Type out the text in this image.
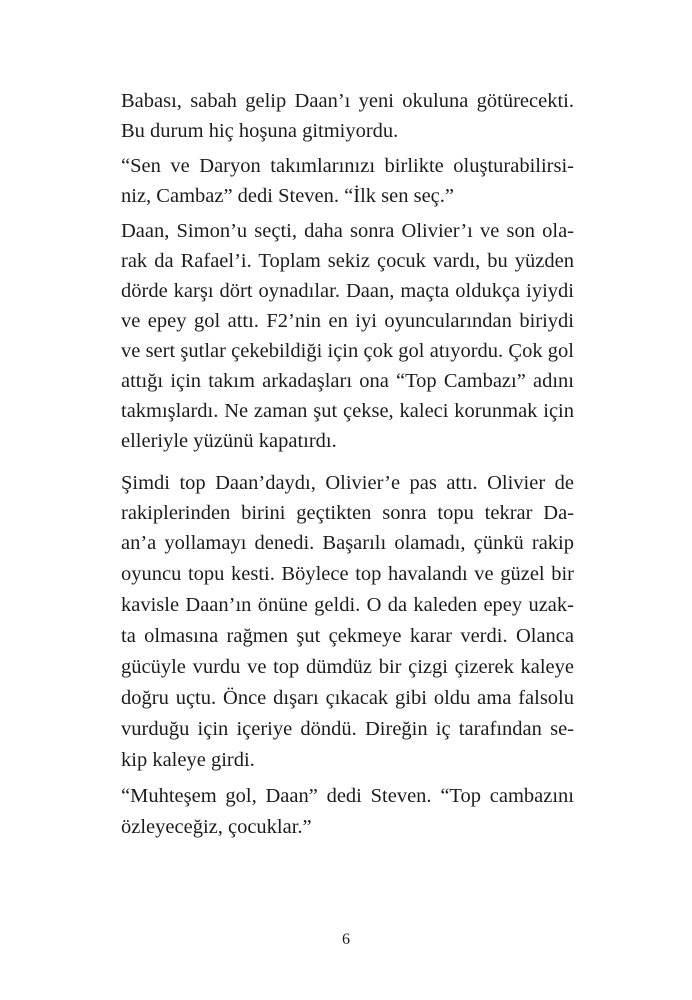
Babası, sabah gelip Daan’ı yeni okuluna götürecekti.
Bu durum hiç hoşuna gitmiyordu.
“Sen ve Daryon takımlarınızı birlikte oluşturabilirsi-
niz, Cambaz” dedi Steven. “İlk sen seç.”
Daan, Simon’u seçti, daha sonra Olivier’ı ve son ola-
rak da Rafael’i. Toplam sekiz çocuk vardı, bu yüzden
dörde karşı dört oynadılar. Daan, maçta oldukça iyiydi
ve epey gol attı. F2’nin en iyi oyuncularından biriydi
ve sert şutlar çekebildiği için çok gol atıyordu. Çok gol
attığı için takım arkadaşları ona “Top Cambazı” adını
takmışlardı. Ne zaman şut çekse, kaleci korunmak için
elleriyle yüzünü kapatırdı.
Şimdi top Daan’daydı, Olivier’e pas attı. Olivier de
rakiplerinden birini geçtikten sonra topu tekrar Da-
an’a yollamayı denedi. Başarılı olamadı, çünkü rakip
oyuncu topu kesti. Böylece top havalandı ve güzel bir
kavisle Daan’ın önüne geldi. O da kaleden epey uzak-
ta olmasına rağmen şut çekmeye karar verdi. Olanca
gücüyle vurdu ve top dümdüz bir çizgi çizerek kaleye
doğru uçtu. Önce dışarı çıkacak gibi oldu ama falsolu
vurduğu için içeriye döndü. Direğin iç tarafından se-
kip kaleye girdi.
“Muhteşem gol, Daan” dedi Steven. “Top cambazını
özleyeceğiz, çocuklar.”
6
